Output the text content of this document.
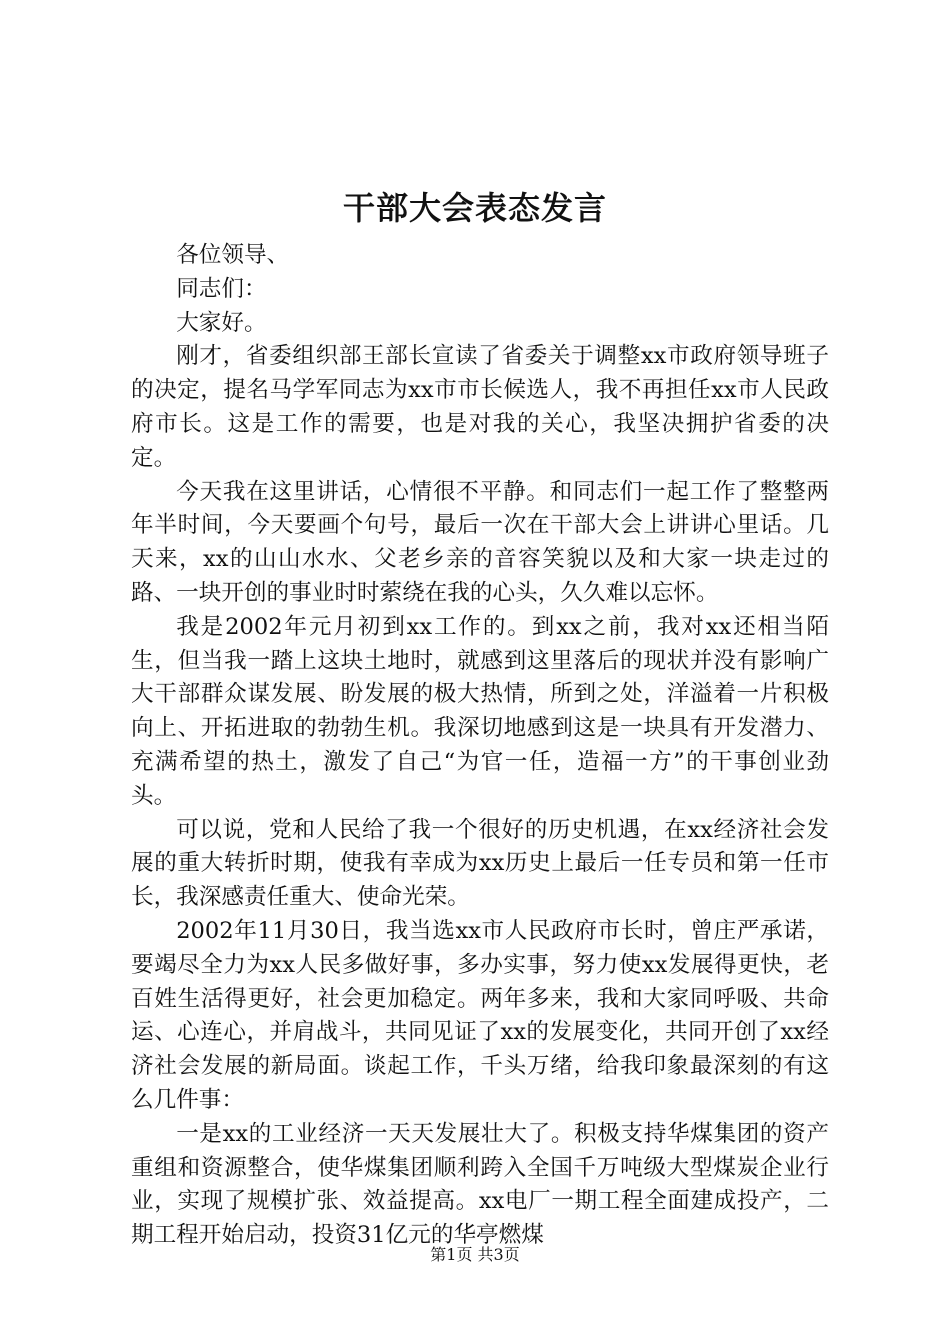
干部大会表态发言

各位领导、

同志们：

大家好。

刚才，省委组织部王部长宣读了省委关于调整xx市政府领导班子的决定，提名马学军同志为xx市市长候选人，我不再担任xx市人民政府市长。这是工作的需要，也是对我的关心，我坚决拥护省委的决定。

今天我在这里讲话，心情很不平静。和同志们一起工作了整整两年半时间，今天要画个句号，最后一次在干部大会上讲讲心里话。几天来，xx的山山水水、父老乡亲的音容笑貌以及和大家一块走过的路、一块开创的事业时时萦绕在我的心头，久久难以忘怀。

我是2002年元月初到xx工作的。到xx之前，我对xx还相当陌生，但当我一踏上这块土地时，就感到这里落后的现状并没有影响广大干部群众谋发展、盼发展的极大热情，所到之处，洋溢着一片积极向上、开拓进取的勃勃生机。我深切地感到这是一块具有开发潜力、充满希望的热土，激发了自己“为官一任，造福一方”的干事创业劲头。

可以说，党和人民给了我一个很好的历史机遇，在xx经济社会发展的重大转折时期，使我有幸成为xx历史上最后一任专员和第一任市长，我深感责任重大、使命光荣。

2002年11月30日，我当选xx市人民政府市长时，曾庄严承诺，要竭尽全力为xx人民多做好事，多办实事，努力使xx发展得更快，老百姓生活得更好，社会更加稳定。两年多来，我和大家同呼吸、共命运、心连心，并肩战斗，共同见证了xx的发展变化，共同开创了xx经济社会发展的新局面。谈起工作，千头万绪，给我印象最深刻的有这么几件事：

一是xx的工业经济一天天发展壮大了。积极支持华煤集团的资产重组和资源整合，使华煤集团顺利跨入全国千万吨级大型煤炭企业行业，实现了规模扩张、效益提高。xx电厂一期工程全面建成投产，二期工程开始启动，投资31亿元的华亭燃煤

第1页 共3页
